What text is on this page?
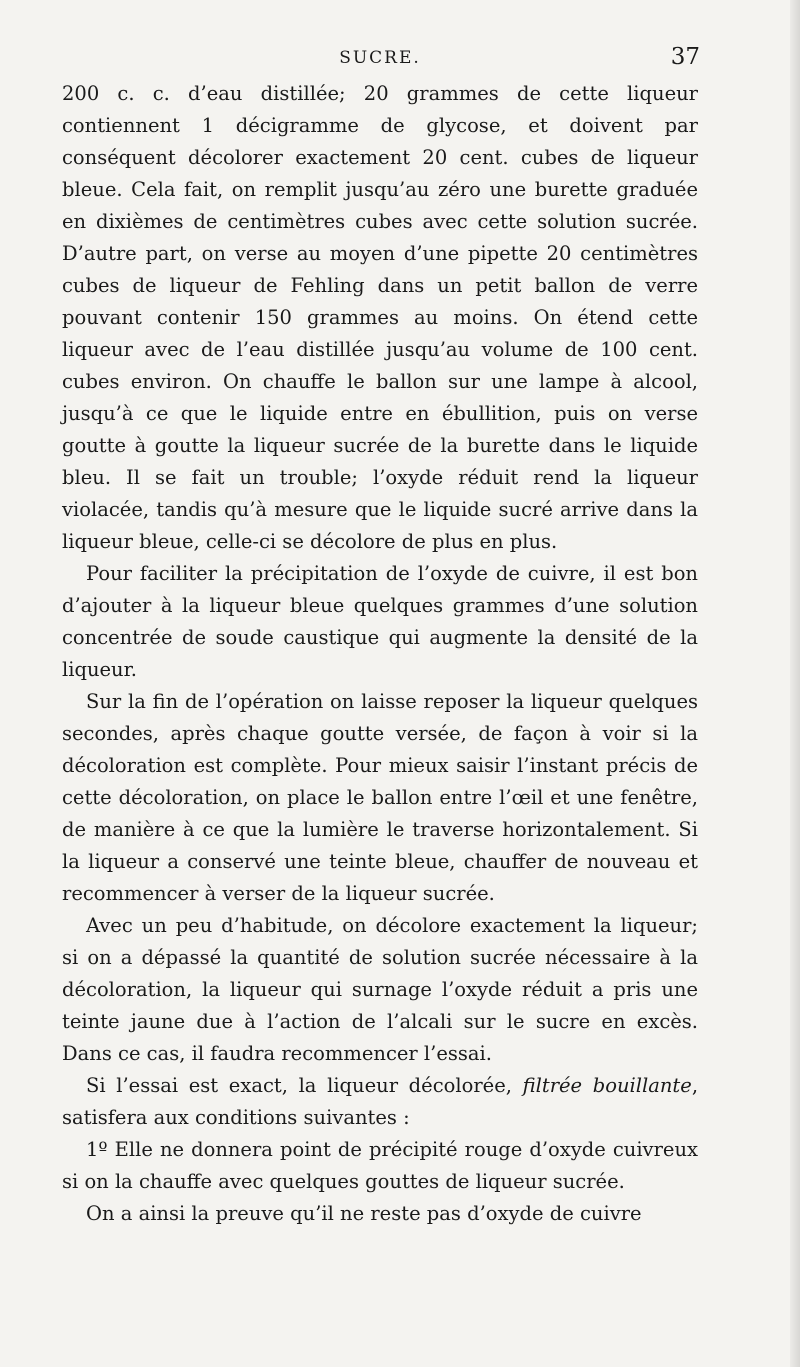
SUCRE.	37

200 c. c. d’eau distillée; 20 grammes de cette liqueur contiennent 1 décigramme de glycose, et doivent par conséquent décolorer exactement 20 cent. cubes de liqueur bleue. Cela fait, on remplit jusqu’au zéro une burette graduée en dixièmes de centimètres cubes avec cette solution sucrée. D’autre part, on verse au moyen d’une pipette 20 centimètres cubes de liqueur de Fehling dans un petit ballon de verre pouvant contenir 150 grammes au moins. On étend cette liqueur avec de l’eau distillée jusqu’au volume de 100 cent. cubes environ. On chauffe le ballon sur une lampe à alcool, jusqu’à ce que le liquide entre en ébullition, puis on verse goutte à goutte la liqueur sucrée de la burette dans le liquide bleu. Il se fait un trouble; l’oxyde réduit rend la liqueur violacée, tandis qu’à mesure que le liquide sucré arrive dans la liqueur bleue, celle-ci se décolore de plus en plus.

Pour faciliter la précipitation de l’oxyde de cuivre, il est bon d’ajouter à la liqueur bleue quelques grammes d’une solution concentrée de soude caustique qui augmente la densité de la liqueur.

Sur la fin de l’opération on laisse reposer la liqueur quelques secondes, après chaque goutte versée, de façon à voir si la décoloration est complète. Pour mieux saisir l’instant précis de cette décoloration, on place le ballon entre l’œil et une fenêtre, de manière à ce que la lumière le traverse horizontalement. Si la liqueur a conservé une teinte bleue, chauffer de nouveau et recommencer à verser de la liqueur sucrée.

Avec un peu d’habitude, on décolore exactement la liqueur; si on a dépassé la quantité de solution sucrée nécessaire à la décoloration, la liqueur qui surnage l’oxyde réduit a pris une teinte jaune due à l’action de l’alcali sur le sucre en excès. Dans ce cas, il faudra recommencer l’essai.

Si l’essai est exact, la liqueur décolorée, filtrée bouillante, satisfera aux conditions suivantes :

1º Elle ne donnera point de précipité rouge d’oxyde cuivreux si on la chauffe avec quelques gouttes de liqueur sucrée.

On a ainsi la preuve qu’il ne reste pas d’oxyde de cuivre
